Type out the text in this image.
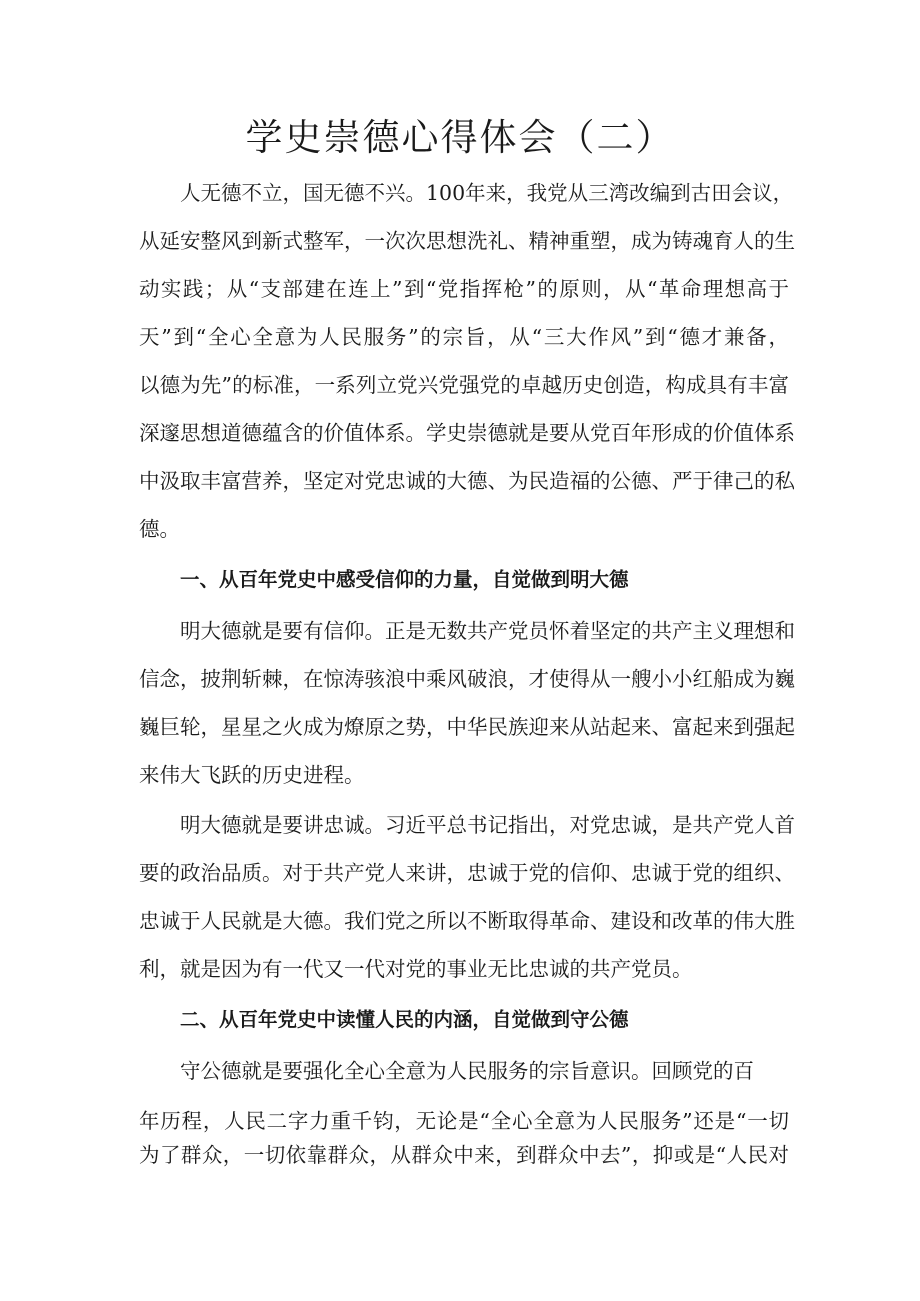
学史崇德心得体会（二）

人无德不立，国无德不兴。100年来，我党从三湾改编到古田会议，

从延安整风到新式整军，一次次思想洗礼、精神重塑，成为铸魂育人的生

动实践；从“支部建在连上”到“党指挥枪”的原则，从“革命理想高于

天”到“全心全意为人民服务”的宗旨，从“三大作风”到“德才兼备，

以德为先”的标准，一系列立党兴党强党的卓越历史创造，构成具有丰富

深邃思想道德蕴含的价值体系。学史崇德就是要从党百年形成的价值体系

中汲取丰富营养，坚定对党忠诚的大德、为民造福的公德、严于律己的私

德。

一、从百年党史中感受信仰的力量，自觉做到明大德

明大德就是要有信仰。正是无数共产党员怀着坚定的共产主义理想和

信念，披荆斩棘，在惊涛骇浪中乘风破浪，才使得从一艘小小红船成为巍

巍巨轮，星星之火成为燎原之势，中华民族迎来从站起来、富起来到强起

来伟大飞跃的历史进程。

明大德就是要讲忠诚。习近平总书记指出，对党忠诚，是共产党人首

要的政治品质。对于共产党人来讲，忠诚于党的信仰、忠诚于党的组织、

忠诚于人民就是大德。我们党之所以不断取得革命、建设和改革的伟大胜

利，就是因为有一代又一代对党的事业无比忠诚的共产党员。

二、从百年党史中读懂人民的内涵，自觉做到守公德

守公德就是要强化全心全意为人民服务的宗旨意识。回顾党的百

年历程，人民二字力重千钧，无论是“全心全意为人民服务”还是“一切

为了群众，一切依靠群众，从群众中来，到群众中去”，抑或是“人民对
